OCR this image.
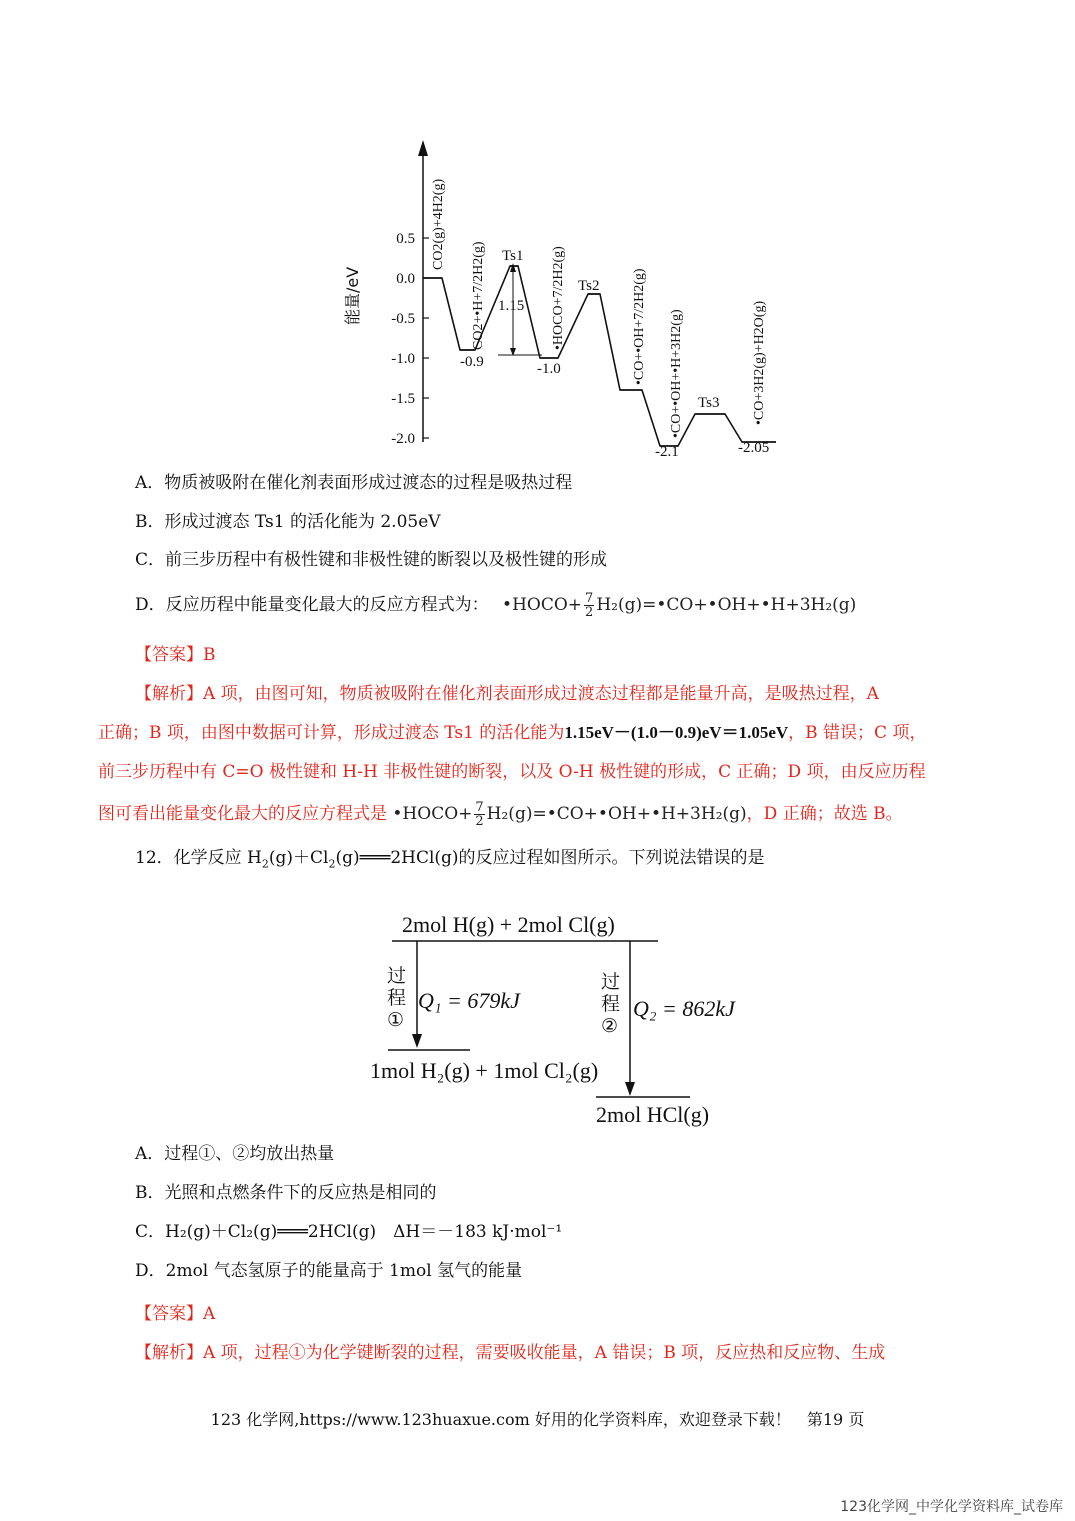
0.5
0.0
-0.5
-1.0
-1.5
-2.0
能量/eV	1.15
Ts1
Ts2
Ts3
-0.9	-1.0
-2.1	-2.05
CO2(g)+4H2(g)
CO2+•H+7/2H2(g)	•HOCO+7/2H2(g)	•CO+•OH+7/2H2(g) •CO+•OH+•H+3H2(g)	•CO+3H2(g)+H2O(g)
A．物质被吸附在催化剂表面形成过渡态的过程是吸热过程
B．形成过渡态 Ts1 的活化能为 2.05eV
C．前三步历程中有极性键和非极性键的断裂以及极性键的形成
D．反应历程中能量变化最大的反应方程式为： •HOCO+ $\frac{7}{2}$ H₂(g)=•CO+•OH+•H+3H₂(g)
【答案】B
【解析】A 项，由图可知，物质被吸附在催化剂表面形成过渡态过程都是能量升高，是吸热过程，A
正确；B 项，由图中数据可计算，形成过渡态 Ts1 的活化能为1.15eV－(1.0－0.9)eV＝1.05eV，B 错误；C 项，
前三步历程中有 C=O 极性键和 H-H 非极性键的断裂，以及 O-H 极性键的形成，C 正确；D 项，由反应历程
图可看出能量变化最大的反应方程式是 •HOCO+ $\frac{7}{2}$ H₂(g)=•CO+•OH+•H+3H₂(g)，D 正确；故选 B。
12．化学反应 $H_2(g)+Cl_2(g)═══2HCl(g)$的反应过程如图所示。下列说法错误的是
2mol H(g) + 2mol Cl(g)
过
程
①
Q₁ = 679kJ
过
程
②
Q₂ = 862kJ
1mol H₂(g) + 1mol Cl₂(g)
2mol HCl(g)
A．过程①、②均放出热量
B．光照和点燃条件下的反应热是相同的
C．H₂(g)＋Cl₂(g)═══2HCl(g)　ΔH＝－183 kJ·mol⁻¹
D．2mol 气态氢原子的能量高于 1mol 氢气的能量
【答案】A
【解析】A 项，过程①为化学键断裂的过程，需要吸收能量，A 错误；B 项，反应热和反应物、生成
123 化学网,https://www.123huaxue.com 好用的化学资料库，欢迎登录下载！　第19 页
123化学网_中学化学资料库_试卷库
